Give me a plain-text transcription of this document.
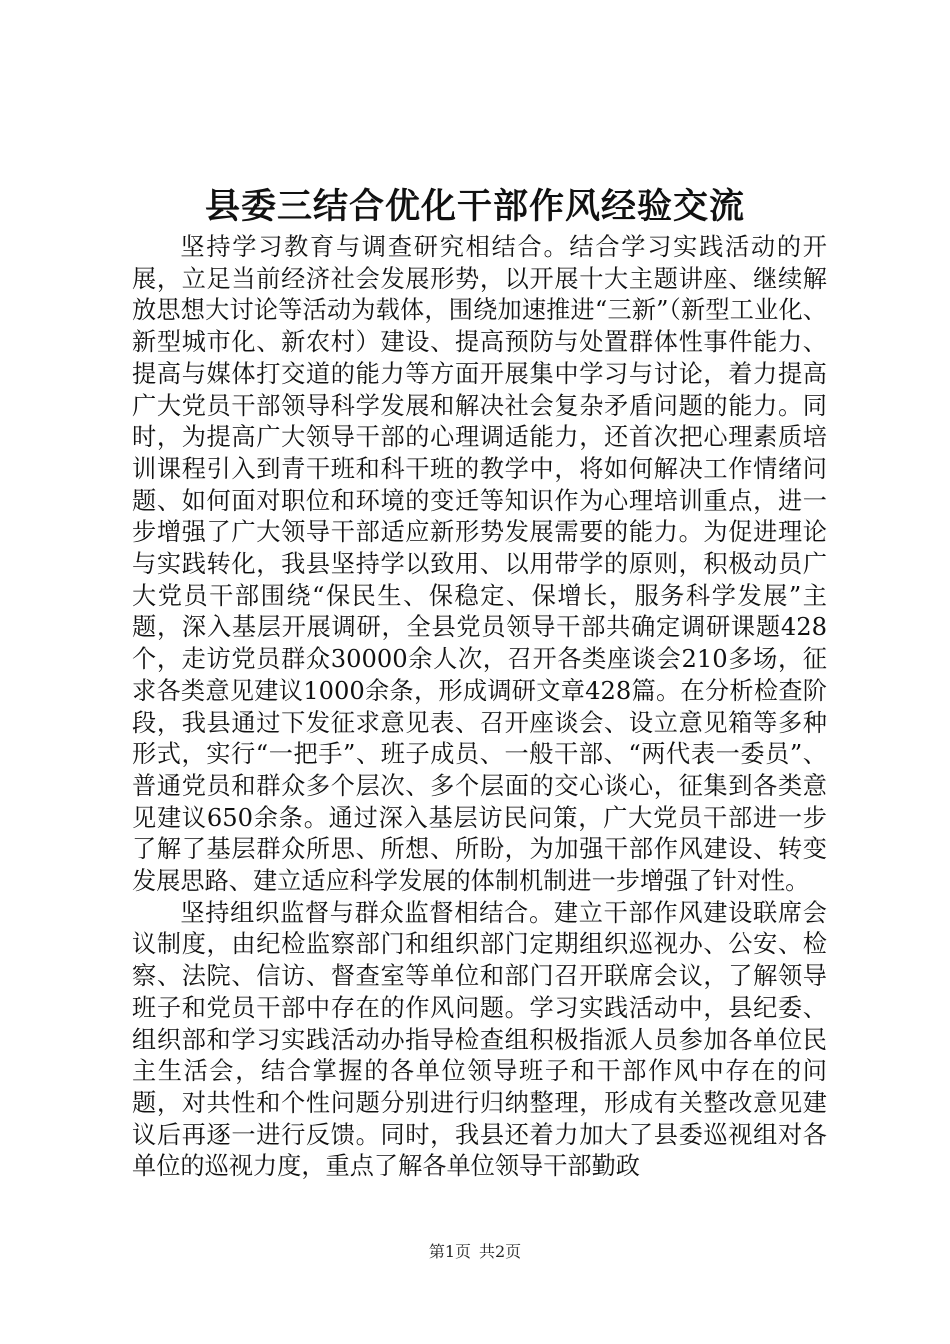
县委三结合优化干部作风经验交流

坚持学习教育与调查研究相结合。结合学习实践活动的开展，立足当前经济社会发展形势，以开展十大主题讲座、继续解放思想大讨论等活动为载体，围绕加速推进“三新”（新型工业化、新型城市化、新农村）建设、提高预防与处置群体性事件能力、提高与媒体打交道的能力等方面开展集中学习与讨论，着力提高广大党员干部领导科学发展和解决社会复杂矛盾问题的能力。同时，为提高广大领导干部的心理调适能力，还首次把心理素质培训课程引入到青干班和科干班的教学中，将如何解决工作情绪问题、如何面对职位和环境的变迁等知识作为心理培训重点，进一步增强了广大领导干部适应新形势发展需要的能力。为促进理论与实践转化，我县坚持学以致用、以用带学的原则，积极动员广大党员干部围绕“保民生、保稳定、保增长，服务科学发展”主题，深入基层开展调研，全县党员领导干部共确定调研课题428个，走访党员群众30000余人次，召开各类座谈会210多场，征求各类意见建议1000余条，形成调研文章428篇。在分析检查阶段，我县通过下发征求意见表、召开座谈会、设立意见箱等多种形式，实行“一把手”、班子成员、一般干部、“两代表一委员”、普通党员和群众多个层次、多个层面的交心谈心，征集到各类意见建议650余条。通过深入基层访民问策，广大党员干部进一步了解了基层群众所思、所想、所盼，为加强干部作风建设、转变发展思路、建立适应科学发展的体制机制进一步增强了针对性。

坚持组织监督与群众监督相结合。建立干部作风建设联席会议制度，由纪检监察部门和组织部门定期组织巡视办、公安、检察、法院、信访、督查室等单位和部门召开联席会议，了解领导班子和党员干部中存在的作风问题。学习实践活动中，县纪委、组织部和学习实践活动办指导检查组积极指派人员参加各单位民主生活会，结合掌握的各单位领导班子和干部作风中存在的问题，对共性和个性问题分别进行归纳整理，形成有关整改意见建议后再逐一进行反馈。同时，我县还着力加大了县委巡视组对各单位的巡视力度，重点了解各单位领导干部勤政

第1页 共2页
